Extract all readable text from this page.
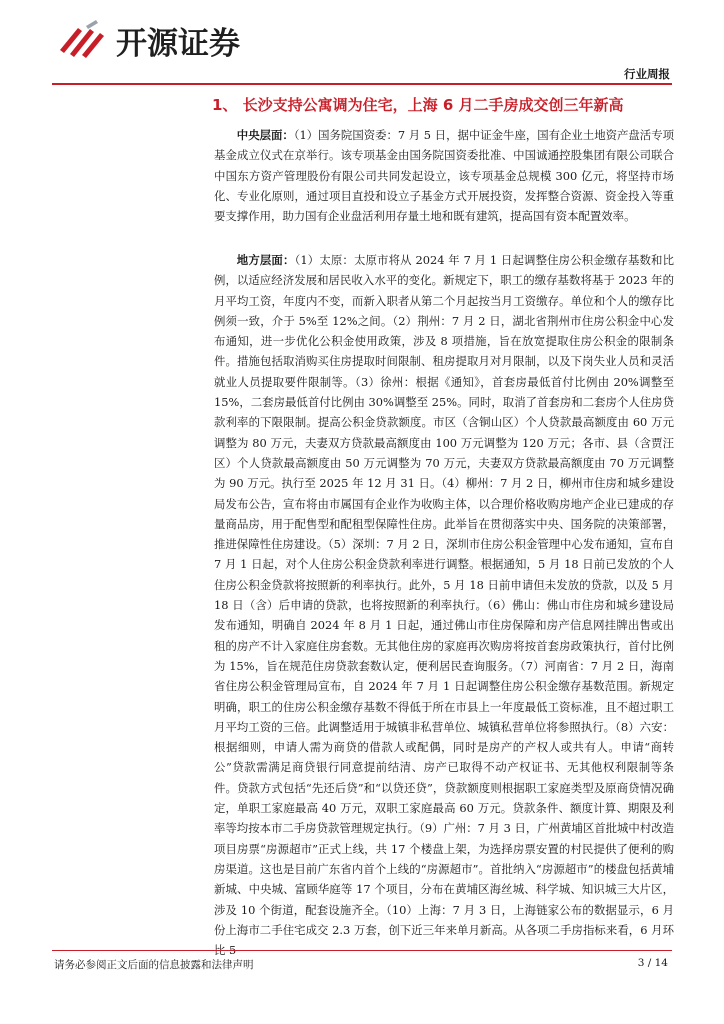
开源证券
行业周报
1、 长沙支持公寓调为住宅，上海 6 月二手房成交创三年新高

中央层面：（1）国务院国资委：7 月 5 日，据中证金牛座，国有企业土地资产盘活专项基金成立仪式在京举行。该专项基金由国务院国资委批准、中国诚通控股集团有限公司联合中国东方资产管理股份有限公司共同发起设立，该专项基金总规模 300 亿元，将坚持市场化、专业化原则，通过项目直投和设立子基金方式开展投资，发挥整合资源、资金投入等重要支撑作用，助力国有企业盘活利用存量土地和既有建筑，提高国有资本配置效率。

地方层面：（1）太原：太原市将从 2024 年 7 月 1 日起调整住房公积金缴存基数和比例，以适应经济发展和居民收入水平的变化。新规定下，职工的缴存基数将基于 2023 年的月平均工资，年度内不变，而新入职者从第二个月起按当月工资缴存。单位和个人的缴存比例须一致，介于 5%至 12%之间。（2）荆州：7 月 2 日，湖北省荆州市住房公积金中心发布通知，进一步优化公积金使用政策，涉及 8 项措施，旨在放宽提取住房公积金的限制条件。措施包括取消购买住房提取时间限制、租房提取月对月限制，以及下岗失业人员和灵活就业人员提取要件限制等。（3）徐州：根据《通知》，首套房最低首付比例由 20%调整至 15%，二套房最低首付比例由 30%调整至 25%。同时，取消了首套房和二套房个人住房贷款利率的下限限制。提高公积金贷款额度。市区（含铜山区）个人贷款最高额度由 60 万元调整为 80 万元，夫妻双方贷款最高额度由 100 万元调整为 120 万元；各市、县（含贾汪区）个人贷款最高额度由 50 万元调整为 70 万元，夫妻双方贷款最高额度由 70 万元调整为 90 万元。执行至 2025 年 12 月 31 日。（4）柳州：7 月 2 日，柳州市住房和城乡建设局发布公告，宣布将由市属国有企业作为收购主体，以合理价格收购房地产企业已建成的存量商品房，用于配售型和配租型保障性住房。此举旨在贯彻落实中央、国务院的决策部署，推进保障性住房建设。（5）深圳：7 月 2 日，深圳市住房公积金管理中心发布通知，宣布自 7 月 1 日起，对个人住房公积金贷款利率进行调整。根据通知，5 月 18 日前已发放的个人住房公积金贷款将按照新的利率执行。此外，5 月 18 日前申请但未发放的贷款，以及 5 月 18 日（含）后申请的贷款，也将按照新的利率执行。（6）佛山：佛山市住房和城乡建设局发布通知，明确自 2024 年 8 月 1 日起，通过佛山市住房保障和房产信息网挂牌出售或出租的房产不计入家庭住房套数。无其他住房的家庭再次购房将按首套房政策执行，首付比例为 15%，旨在规范住房贷款套数认定，便利居民查询服务。（7）河南省：7 月 2 日，海南省住房公积金管理局宣布，自 2024 年 7 月 1 日起调整住房公积金缴存基数范围。新规定明确，职工的住房公积金缴存基数不得低于所在市县上一年度最低工资标准，且不超过职工月平均工资的三倍。此调整适用于城镇非私营单位、城镇私营单位将参照执行。（8）六安：根据细则，申请人需为商贷的借款人或配偶，同时是房产的产权人或共有人。申请“商转公”贷款需满足商贷银行同意提前结清、房产已取得不动产权证书、无其他权利限制等条件。贷款方式包括“先还后贷”和“以贷还贷”，贷款额度则根据职工家庭类型及原商贷情况确定，单职工家庭最高 40 万元，双职工家庭最高 60 万元。贷款条件、额度计算、期限及利率等均按本市二手房贷款管理规定执行。（9）广州：7 月 3 日，广州黄埔区首批城中村改造项目房票“房源超市”正式上线，共 17 个楼盘上架，为选择房票安置的村民提供了便利的购房渠道。这也是目前广东省内首个上线的“房源超市”。首批纳入“房源超市”的楼盘包括黄埔新城、中央城、富顾华庭等 17 个项目，分布在黄埔区海丝城、科学城、知识城三大片区，涉及 10 个街道，配套设施齐全。（10）上海：7 月 3 日，上海链家公布的数据显示，6 月份上海市二手住宅成交 2.3 万套，创下近三年来单月新高。从各项二手房指标来看，6 月环比 5

请务必参阅正文后面的信息披露和法律声明	3 / 14
